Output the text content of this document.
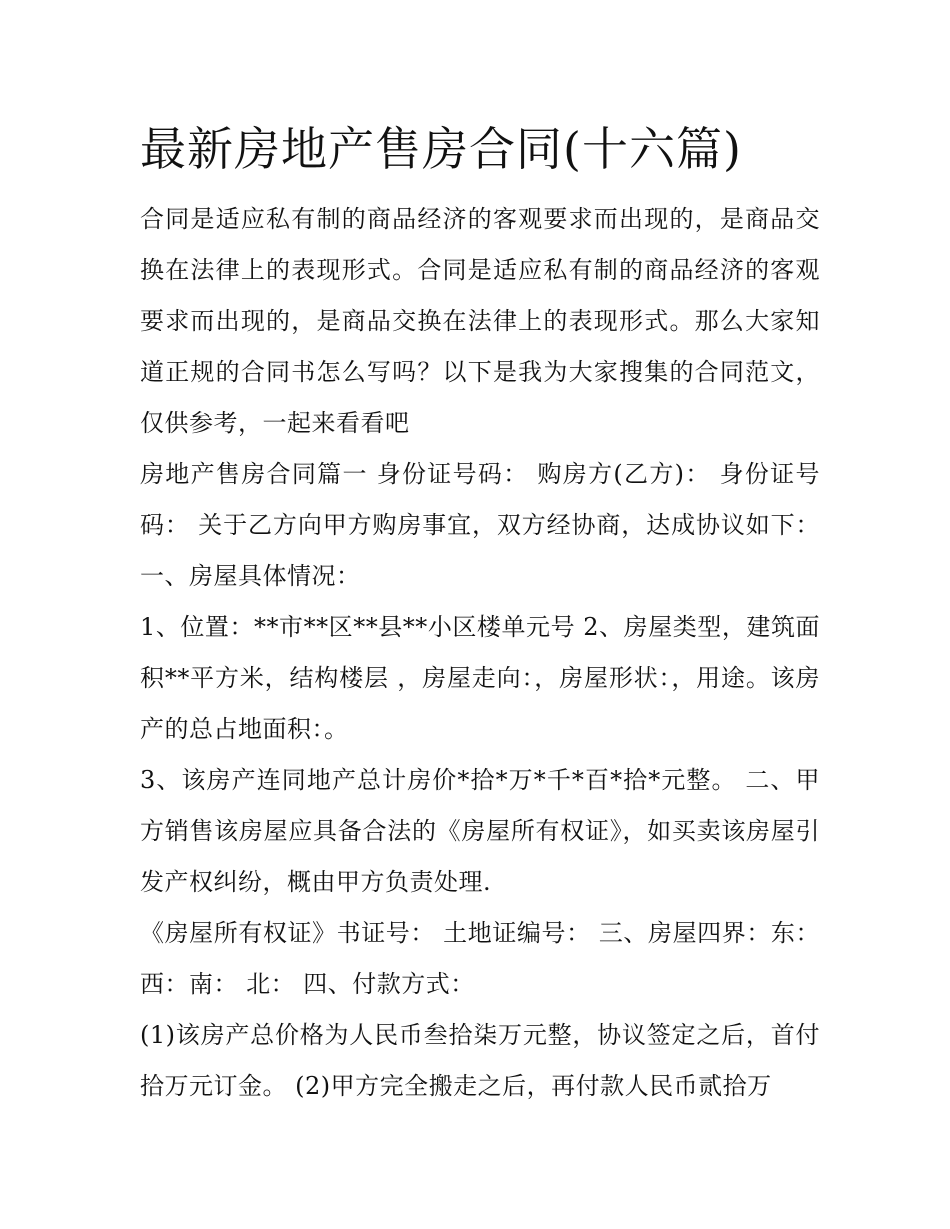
最新房地产售房合同(十六篇)

合同是适应私有制的商品经济的客观要求而出现的，是商品交换在法律上的表现形式。合同是适应私有制的商品经济的客观要求而出现的，是商品交换在法律上的表现形式。那么大家知道正规的合同书怎么写吗？以下是我为大家搜集的合同范文，仅供参考，一起来看看吧

房地产售房合同篇一 身份证号码： 购房方(乙方)： 身份证号码： 关于乙方向甲方购房事宜，双方经协商，达成协议如下： 一、房屋具体情况：

1、位置：**市**区**县**小区楼单元号 2、房屋类型，建筑面积**平方米，结构楼层 ，房屋走向：，房屋形状：，用途。该房产的总占地面积：。

3、该房产连同地产总计房价*拾*万*千*百*拾*元整。 二、甲方销售该房屋应具备合法的《房屋所有权证》，如买卖该房屋引发产权纠纷，概由甲方负责处理.

《房屋所有权证》书证号： 土地证编号： 三、房屋四界：东： 西：南： 北： 四、付款方式：

(1)该房产总价格为人民币叁拾柒万元整，协议签定之后，首付拾万元订金。 (2)甲方完全搬走之后，再付款人民币贰拾万
